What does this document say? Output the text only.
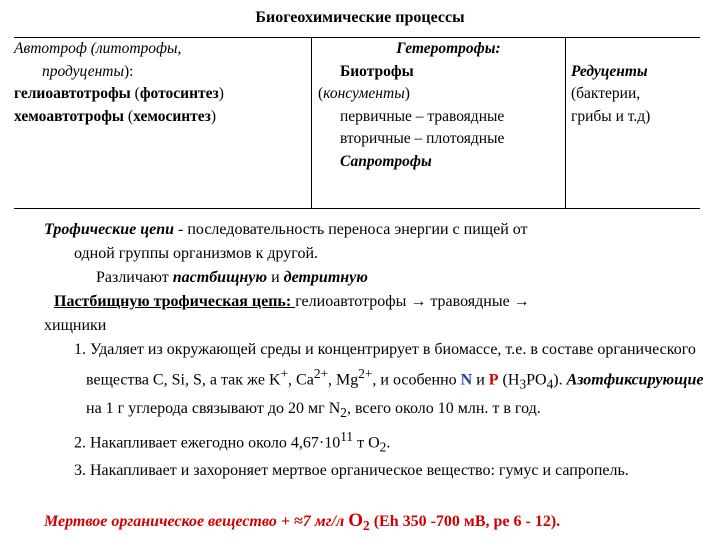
Биогеохимические процессы
Автотроф (литотрофы,
продуценты):
гелиоавтотрофы (фотосинтез)
хемоавтотрофы (хемосинтез)
Гетеротрофы:
Биотрофы
(консументы)
первичные – травоядные
вторичные – плотоядные
Сапротрофы

Редуценты
(бактерии,
грибы и т.д)

Трофические цепи - последовательность переноса энергии с пищей от

одной группы организмов к другой.

Различают пастбищную и детритную

Пастбищную трофическая цепь: гелиоавтотрофы → травоядные →

хищники

1. Удаляет из окружающей среды и концентрирует в биомассе, т.е. в составе органического вещества С, Si, S, а так же K+, $Ca^{2+}$, $Mg^{2+}$, и особенно N и P $(H_3PO_4)$. Азотфиксирующие на 1 г углерода связывают до 20 мг $N_2$, всего около 10 млн. т в год.

2. Накапливает ежегодно около $4,67\cdot 10^{11}$ т $O_2$.

3. Накапливает и захороняет мертвое органическое вещество: гумус и сапропель.

Мертвое органическое вещество + ≈7 мг/л $O_2$ (Eh 350 -700 мВ, pe 6 - 12).
